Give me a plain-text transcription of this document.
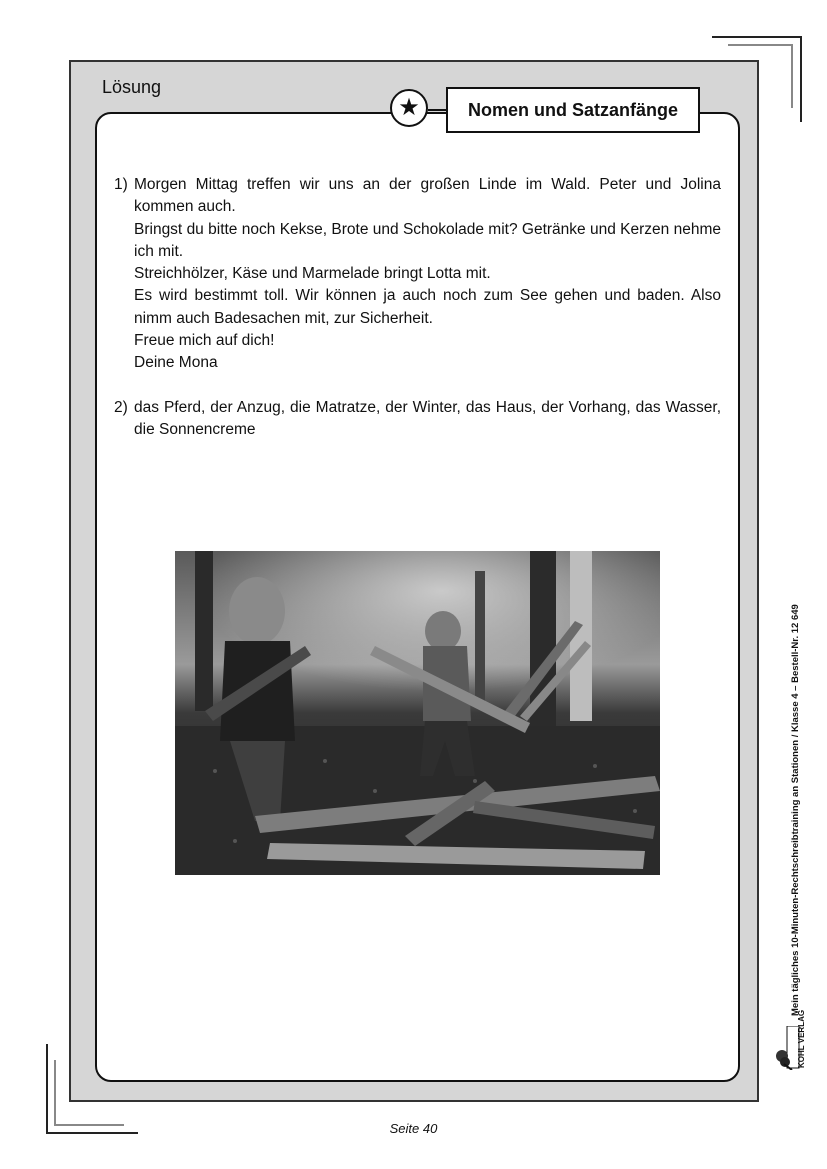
Lösung
★	Nomen und Satzanfänge
1) Morgen Mittag treffen wir uns an der großen Linde im Wald. Peter und Jolina kommen auch.

Bringst du bitte noch Kekse, Brote und Schokolade mit? Getränke und Kerzen nehme ich mit.

Streichhölzer, Käse und Marmelade bringt Lotta mit.

Es wird bestimmt toll. Wir können ja auch noch zum See gehen und baden. Also nimm auch Badesachen mit, zur Sicherheit.

Freue mich auf dich!

Deine Mona

2) das Pferd, der Anzug, die Matratze, der Winter, das Haus, der Vorhang, das Wasser, die Sonnencreme

Mein tägliches 10-Minuten-Rechtschreibtraining an Stationen / Klasse 4 – Bestell-Nr. 12 649
KOHL VERLAG
Seite 40
